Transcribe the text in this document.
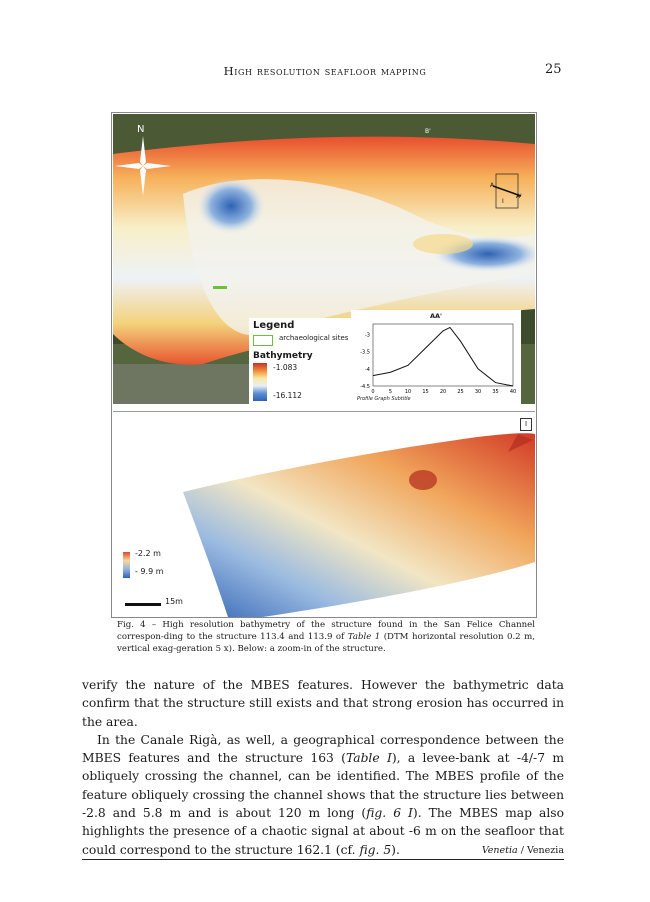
High resolution seafloor mapping	25
N	B'
A
A'
I
Legend
archaeological sites
Bathymetry
-1.083
-16.112
AA'
-3
-3.5
-4
-4.5
0	5	10 15 20 25 30 35 40
Profile Graph Subtitle
I
-2.2 m
- 9.9 m
15m
Fig. 4 – High resolution bathymetry of the structure found in the San Felice Channel correspon-ding to the structure 113.4 and 113.9 of Table 1 (DTM horizontal resolution 0.2 m, vertical exag-geration 5 x). Below: a zoom-in of the structure.

verify the nature of the MBES features. However the bathymetric data confirm that the structure still exists and that strong erosion has occurred in the area.

In the Canale Rigà, as well, a geographical correspondence between the MBES features and the structure 163 (Table I), a levee-bank at -4/-7 m obliquely crossing the channel, can be identified. The MBES profile of the feature obliquely crossing the channel shows that the structure lies between -2.8 and 5.8 m and is about 120 m long (fig. 6 I). The MBES map also highlights the presence of a chaotic signal at about -6 m on the seafloor that could correspond to the structure 162.1 (cf. fig. 5).	Venetia / Venezia
